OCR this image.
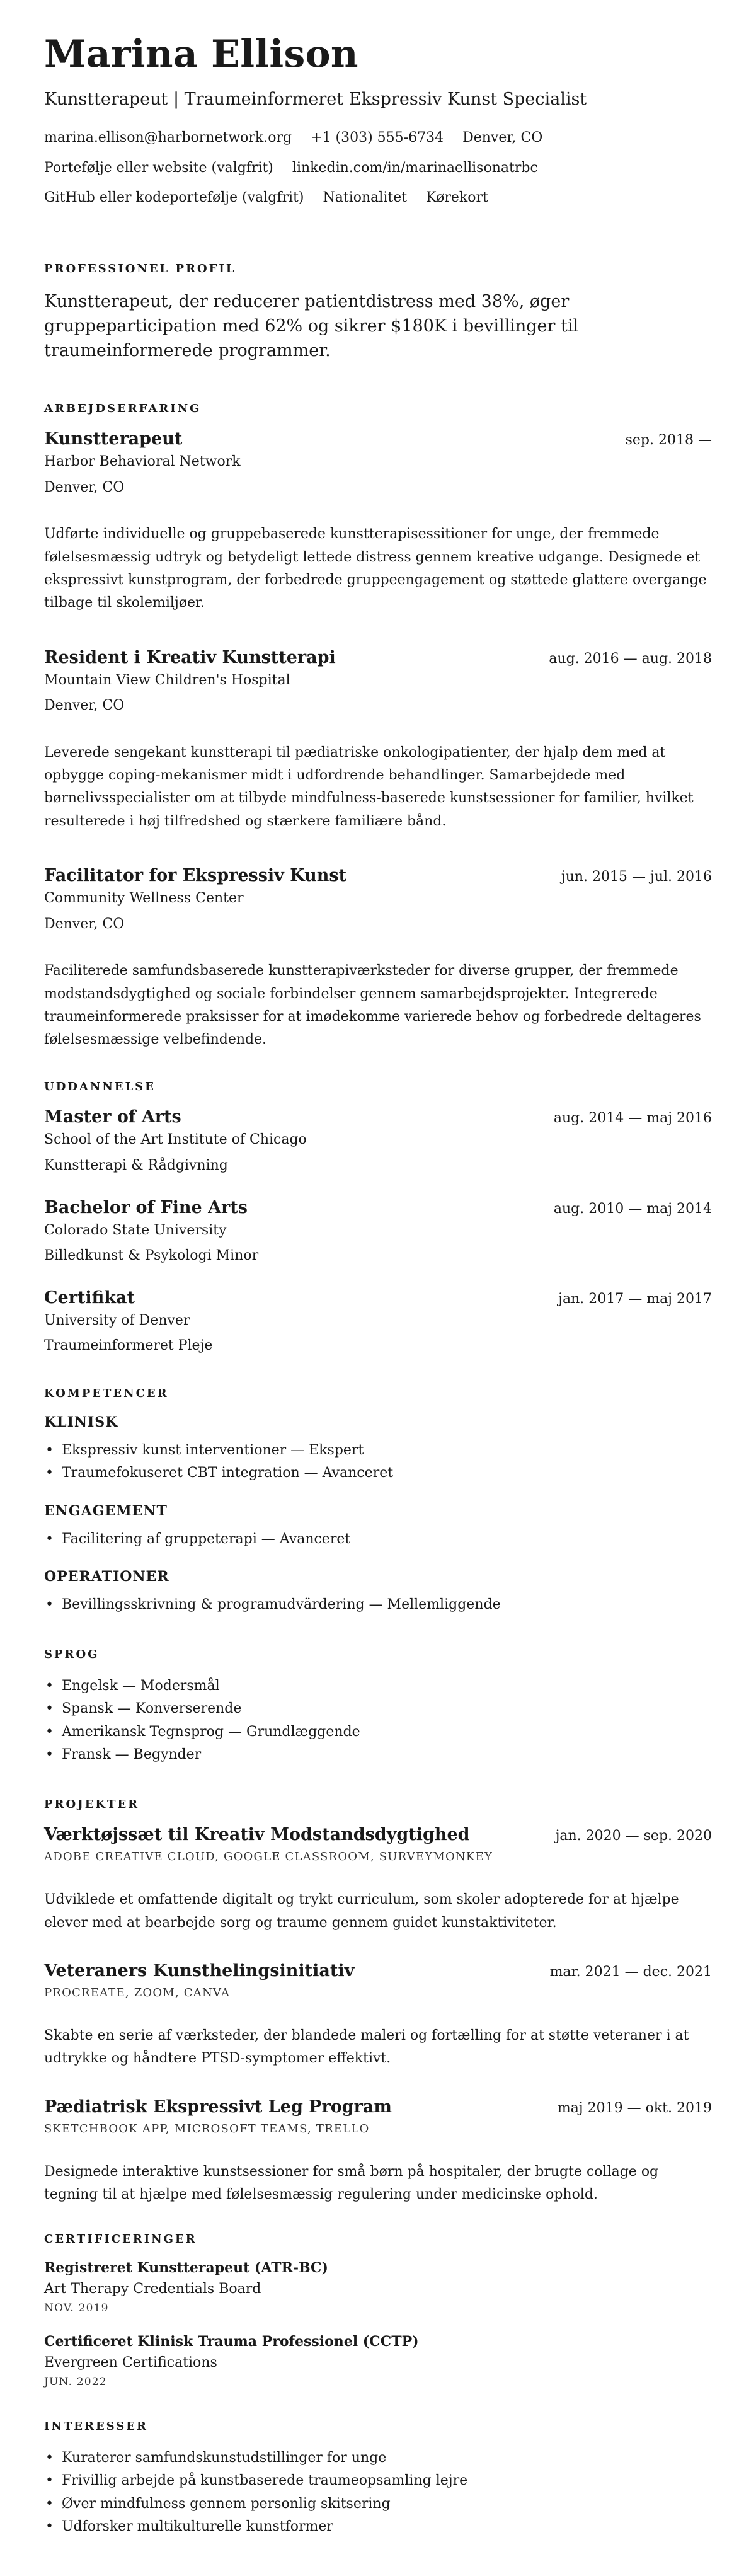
Marina Ellison
Kunstterapeut | Traumeinformeret Ekspressiv Kunst Specialist
marina.ellison@harbornetwork.org +1 (303) 555-6734 Denver, CO
Portefølje eller website (valgfrit) linkedin.com/in/marinaellisonatrbc
GitHub eller kodeportefølje (valgfrit) Nationalitet Kørekort
PROFESSIONEL PROFIL

Kunstterapeut, der reducerer patientdistress med 38%, øger gruppeparticipation med 62% og sikrer $180K i bevillinger til traumeinformerede programmer.

ARBEJDSERFARING
Kunstterapeut	sep. 2018 —
Harbor Behavioral Network
Denver, CO

Udførte individuelle og gruppebaserede kunstterapisessitioner for unge, der fremmede følelsesmæssig udtryk og betydeligt lettede distress gennem kreative udgange. Designede et ekspressivt kunstprogram, der forbedrede gruppeengagement og støttede glattere overgange tilbage til skolemiljøer.

Resident i Kreativ Kunstterapi	aug. 2016 — aug. 2018
Mountain View Children's Hospital
Denver, CO

Leverede sengekant kunstterapi til pædiatriske onkologipatienter, der hjalp dem med at opbygge coping-mekanismer midt i udfordrende behandlinger. Samarbejdede med børnelivsspecialister om at tilbyde mindfulness-baserede kunstsessioner for familier, hvilket resulterede i høj tilfredshed og stærkere familiære bånd.

Facilitator for Ekspressiv Kunst	jun. 2015 — jul. 2016
Community Wellness Center
Denver, CO

Faciliterede samfundsbaserede kunstterapiværksteder for diverse grupper, der fremmede modstandsdygtighed og sociale forbindelser gennem samarbejdsprojekter. Integrerede traumeinformerede praksisser for at imødekomme varierede behov og forbedrede deltageres følelsesmæssige velbefindende.

UDDANNELSE
Master of Arts	aug. 2014 — maj 2016
School of the Art Institute of Chicago
Kunstterapi & Rådgivning
Bachelor of Fine Arts	aug. 2010 — maj 2014
Colorado State University
Billedkunst & Psykologi Minor
Certifikat	jan. 2017 — maj 2017
University of Denver
Traumeinformeret Pleje
KOMPETENCER
KLINISK
• Ekspressiv kunst interventioner — Ekspert
• Traumefokuseret CBT integration — Avanceret
ENGAGEMENT
• Facilitering af gruppeterapi — Avanceret
OPERATIONER
• Bevillingsskrivning & programudvärdering — Mellemliggende
SPROG
• Engelsk — Modersmål
• Spansk — Konverserende
• Amerikansk Tegnsprog — Grundlæggende
• Fransk — Begynder
PROJEKTER
Værktøjssæt til Kreativ Modstandsdygtighed	jan. 2020 — sep. 2020
ADOBE CREATIVE CLOUD, GOOGLE CLASSROOM, SURVEYMONKEY

Udviklede et omfattende digitalt og trykt curriculum, som skoler adopterede for at hjælpe elever med at bearbejde sorg og traume gennem guidet kunstaktiviteter.

Veteraners Kunsthelingsinitiativ	mar. 2021 — dec. 2021
PROCREATE, ZOOM, CANVA

Skabte en serie af værksteder, der blandede maleri og fortælling for at støtte veteraner i at udtrykke og håndtere PTSD-symptomer effektivt.

Pædiatrisk Ekspressivt Leg Program	maj 2019 — okt. 2019
SKETCHBOOK APP, MICROSOFT TEAMS, TRELLO

Designede interaktive kunstsessioner for små børn på hospitaler, der brugte collage og tegning til at hjælpe med følelsesmæssig regulering under medicinske ophold.

CERTIFICERINGER
Registreret Kunstterapeut (ATR-BC)
Art Therapy Credentials Board
NOV. 2019
Certificeret Klinisk Trauma Professionel (CCTP)
Evergreen Certifications
JUN. 2022
INTERESSER
• Kuraterer samfundskunstudstillinger for unge
• Frivillig arbejde på kunstbaserede traumeopsamling lejre
• Øver mindfulness gennem personlig skitsering
• Udforsker multikulturelle kunstformer
